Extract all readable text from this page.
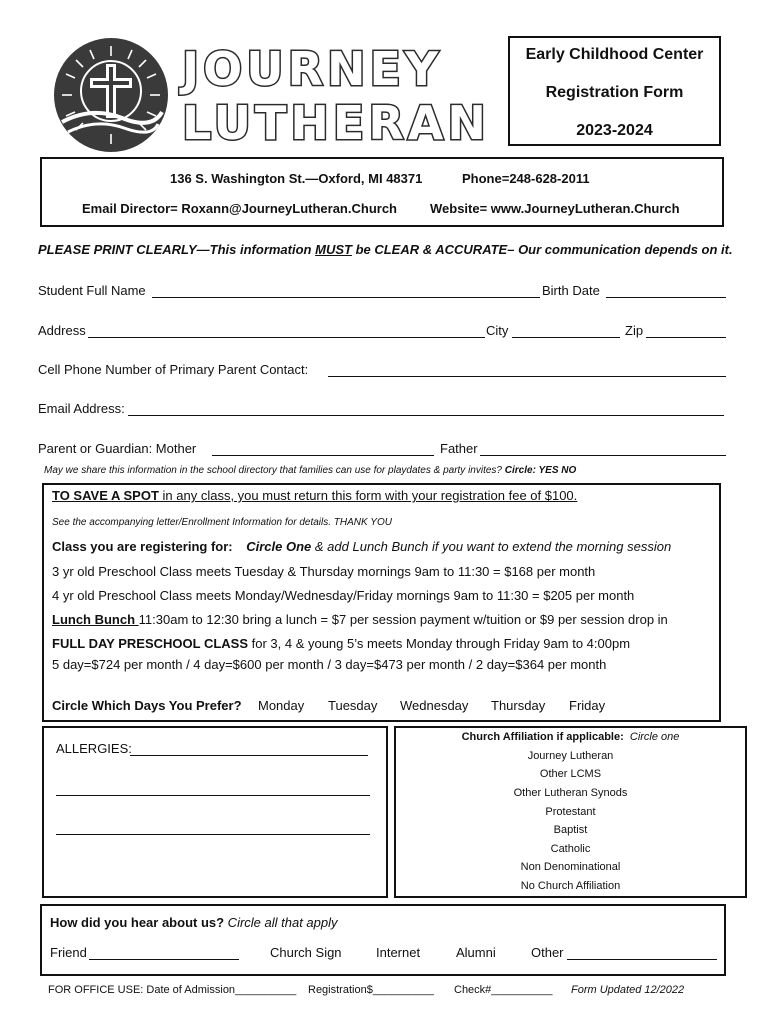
JOURNEY
LUTHERAN
Early Childhood Center
Registration Form
2023-2024
136 S. Washington St.—Oxford, MI 48371	Phone=248-628-2011
Email Director= Roxann@JourneyLutheran.Church	Website= www.JourneyLutheran.Church
PLEASE PRINT CLEARLY—This information MUST be CLEAR & ACCURATE– Our communication depends on it.
Student Full Name	Birth Date
Address	City	Zip
Cell Phone Number of Primary Parent Contact:
Email Address:
Parent or Guardian: Mother	Father
May we share this information in the school directory that families can use for playdates & party invites? Circle: YES NO
TO SAVE A SPOT in any class, you must return this form with your registration fee of $100.
See the accompanying letter/Enrollment Information for details. THANK YOU
Class you are registering for: Circle One & add Lunch Bunch if you want to extend the morning session
3 yr old Preschool Class meets Tuesday & Thursday mornings 9am to 11:30 = $168 per month
4 yr old Preschool Class meets Monday/Wednesday/Friday mornings 9am to 11:30 = $205 per month
Lunch Bunch 11:30am to 12:30 bring a lunch = $7 per session payment w/tuition or $9 per session drop in
FULL DAY PRESCHOOL CLASS for 3, 4 & young 5’s meets Monday through Friday 9am to 4:00pm
5 day=$724 per month / 4 day=$600 per month / 3 day=$473 per month / 2 day=$364 per month
Circle Which Days You Prefer? Monday Tuesday Wednesday Thursday Friday
ALLERGIES:
Church Affiliation if applicable: Circle one
Journey Lutheran
Other LCMS
Other Lutheran Synods
Protestant
Baptist
Catholic
Non Denominational
No Church Affiliation
How did you hear about us? Circle all that apply
Friend	Church Sign	Internet	Alumni	Other
FOR OFFICE USE: Date of Admission__________ Registration$__________ Check#__________ Form Updated 12/2022
